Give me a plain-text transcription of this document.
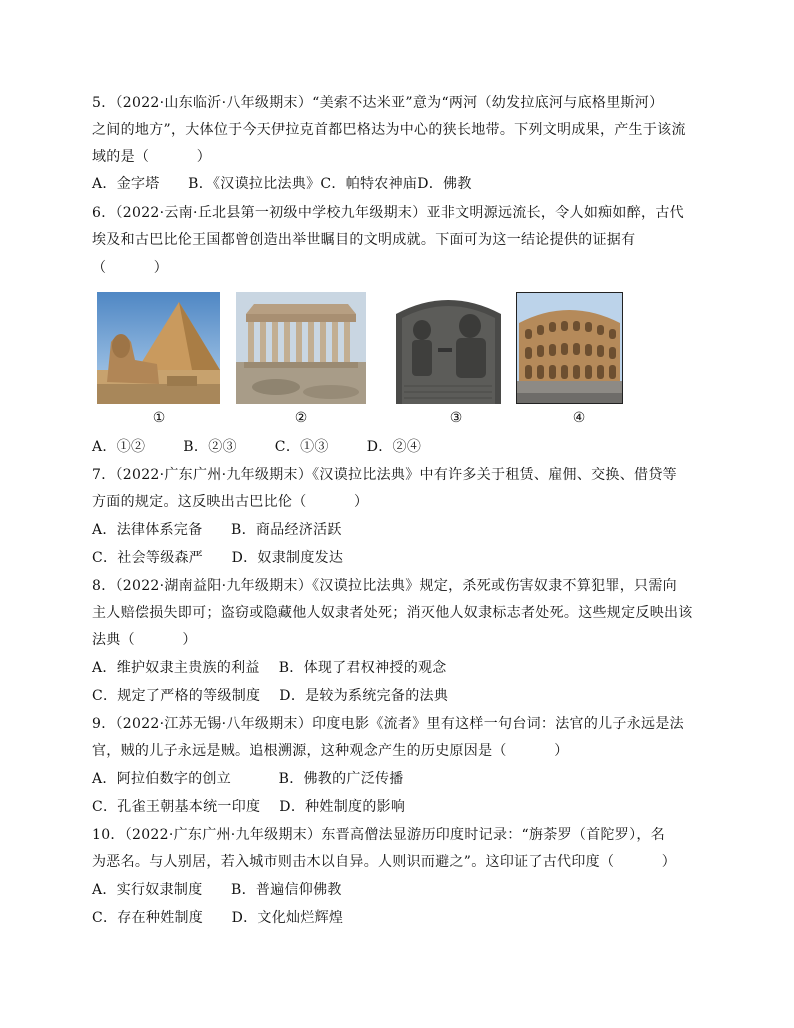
5．（2022·山东临沂·八年级期末）“美索不达米亚”意为“两河（幼发拉底河与底格里斯河）
之间的地方”，大体位于今天伊拉克首都巴格达为中心的狭长地带。下列文明成果，产生于该流
域的是（          ）
A．金字塔      B．《汉谟拉比法典》C．帕特农神庙D．佛教
6．（2022·云南·丘北县第一初级中学校九年级期末）亚非文明源远流长，令人如痴如醉，古代
埃及和古巴比伦王国都曾创造出举世瞩目的文明成就。下面可为这一结论提供的证据有
（          ）
①	②	③	④
A．①②        B．②③        C．①③        D．②④
7．（2022·广东广州·九年级期末）《汉谟拉比法典》中有许多关于租赁、雇佣、交换、借贷等
方面的规定。这反映出古巴比伦（          ）
A．法律体系完备      B．商品经济活跃
C．社会等级森严      D．奴隶制度发达
8．（2022·湖南益阳·九年级期末）《汉谟拉比法典》规定，杀死或伤害奴隶不算犯罪，只需向
主人赔偿损失即可；盗窃或隐藏他人奴隶者处死；消灭他人奴隶标志者处死。这些规定反映出该
法典（          ）
A．维护奴隶主贵族的利益    B．体现了君权神授的观念
C．规定了严格的等级制度    D．是较为系统完备的法典
9．（2022·江苏无锡·八年级期末）印度电影《流者》里有这样一句台词：法官的儿子永远是法
官，贼的儿子永远是贼。追根溯源，这种观念产生的历史原因是（          ）
A．阿拉伯数字的创立          B．佛教的广泛传播
C．孔雀王朝基本统一印度    D．种姓制度的影响
10．（2022·广东广州·九年级期末）东晋高僧法显游历印度时记录：“旃荼罗（首陀罗），名
为恶名。与人别居，若入城市则击木以自异。人则识而避之”。这印证了古代印度（          ）
A．实行奴隶制度      B．普遍信仰佛教
C．存在种姓制度      D．文化灿烂辉煌
